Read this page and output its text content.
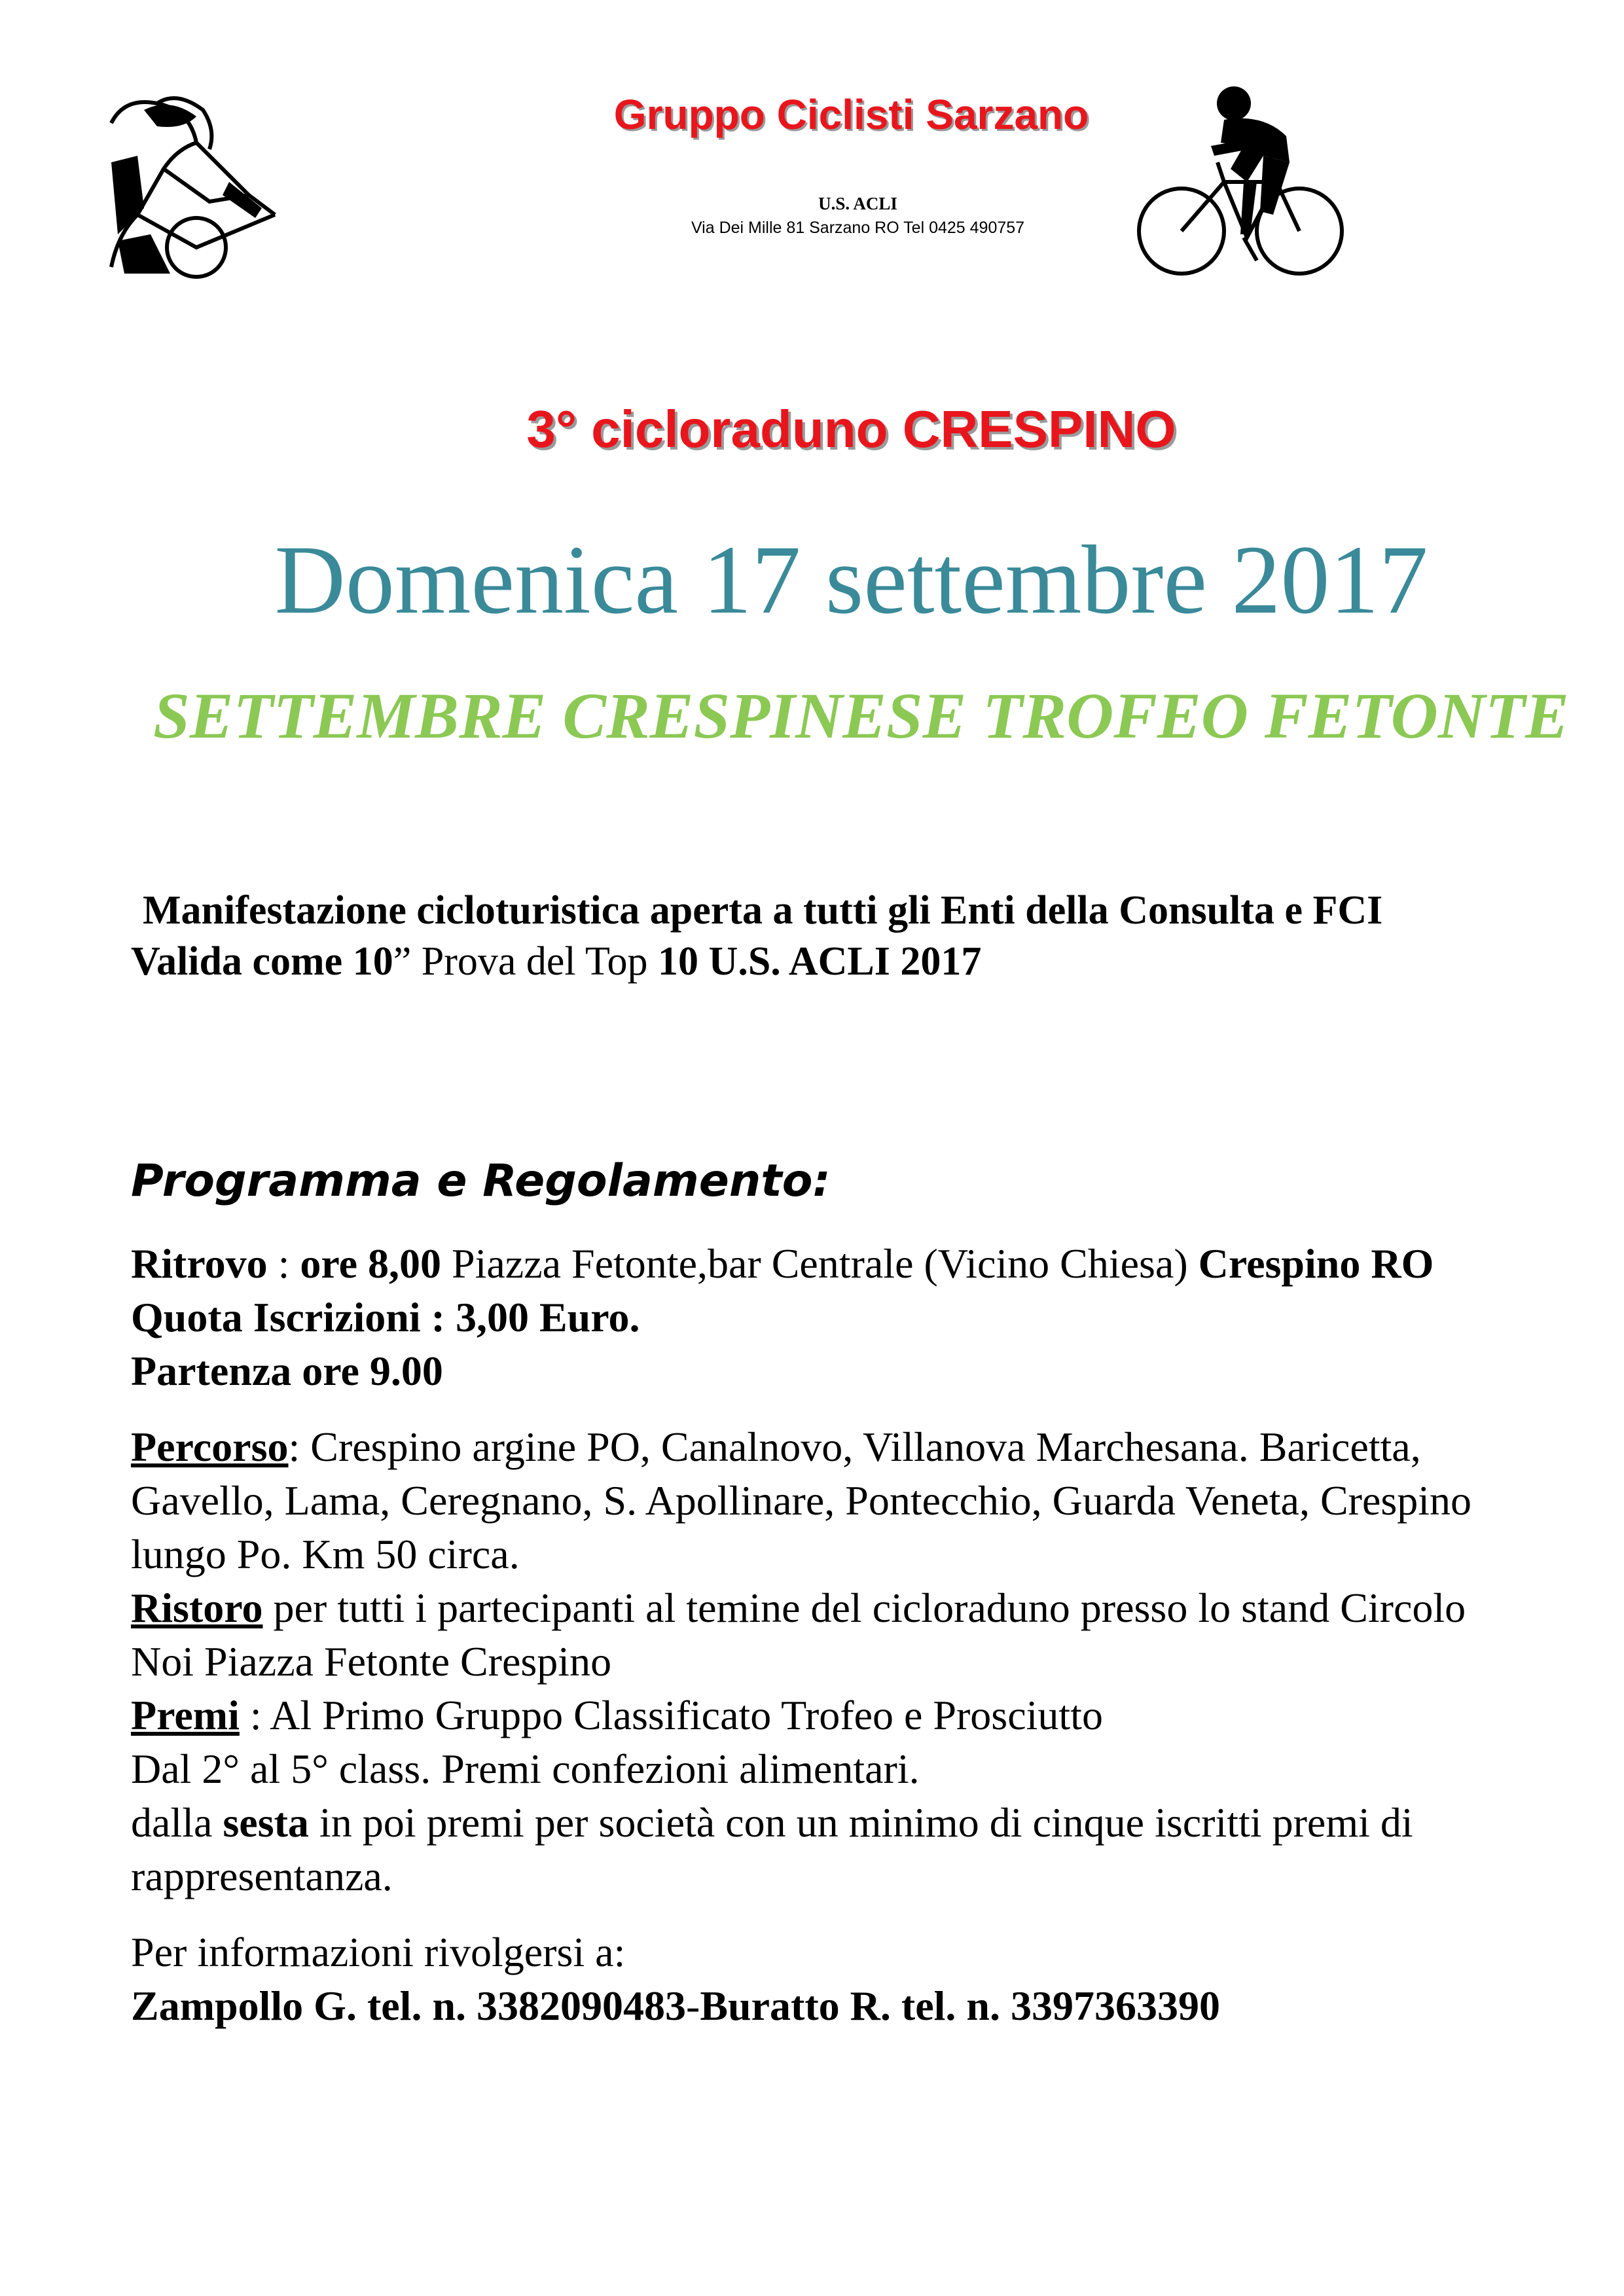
Gruppo Ciclisti Sarzano
U.S. ACLI
Via Dei Mille 81 Sarzano RO Tel 0425 490757
3° cicloraduno CRESPINO
Domenica 17 settembre 2017
SETTEMBRE CRESPINESE TROFEO FETONTE
Manifestazione cicloturistica aperta a tutti gli Enti della Consulta e FCI
Valida come 10” Prova del Top 10 U.S. ACLI 2017
Programma e Regolamento:

Ritrovo : ore 8,00 Piazza Fetonte,bar Centrale (Vicino Chiesa) Crespino RO

Quota Iscrizioni : 3,00 Euro.

Partenza ore 9.00

Percorso: Crespino argine PO, Canalnovo, Villanova Marchesana. Baricetta, Gavello, Lama, Ceregnano, S. Apollinare, Pontecchio, Guarda Veneta, Crespino lungo Po. Km 50 circa.

Ristoro per tutti i partecipanti al temine del cicloraduno presso lo stand Circolo Noi Piazza Fetonte Crespino

Premi : Al Primo Gruppo Classificato Trofeo e Prosciutto

Dal 2° al 5° class. Premi confezioni alimentari.

dalla sesta in poi premi per società con un minimo di cinque iscritti premi di rappresentanza.

Per informazioni rivolgersi a:

Zampollo G. tel. n. 3382090483-Buratto R. tel. n. 3397363390
